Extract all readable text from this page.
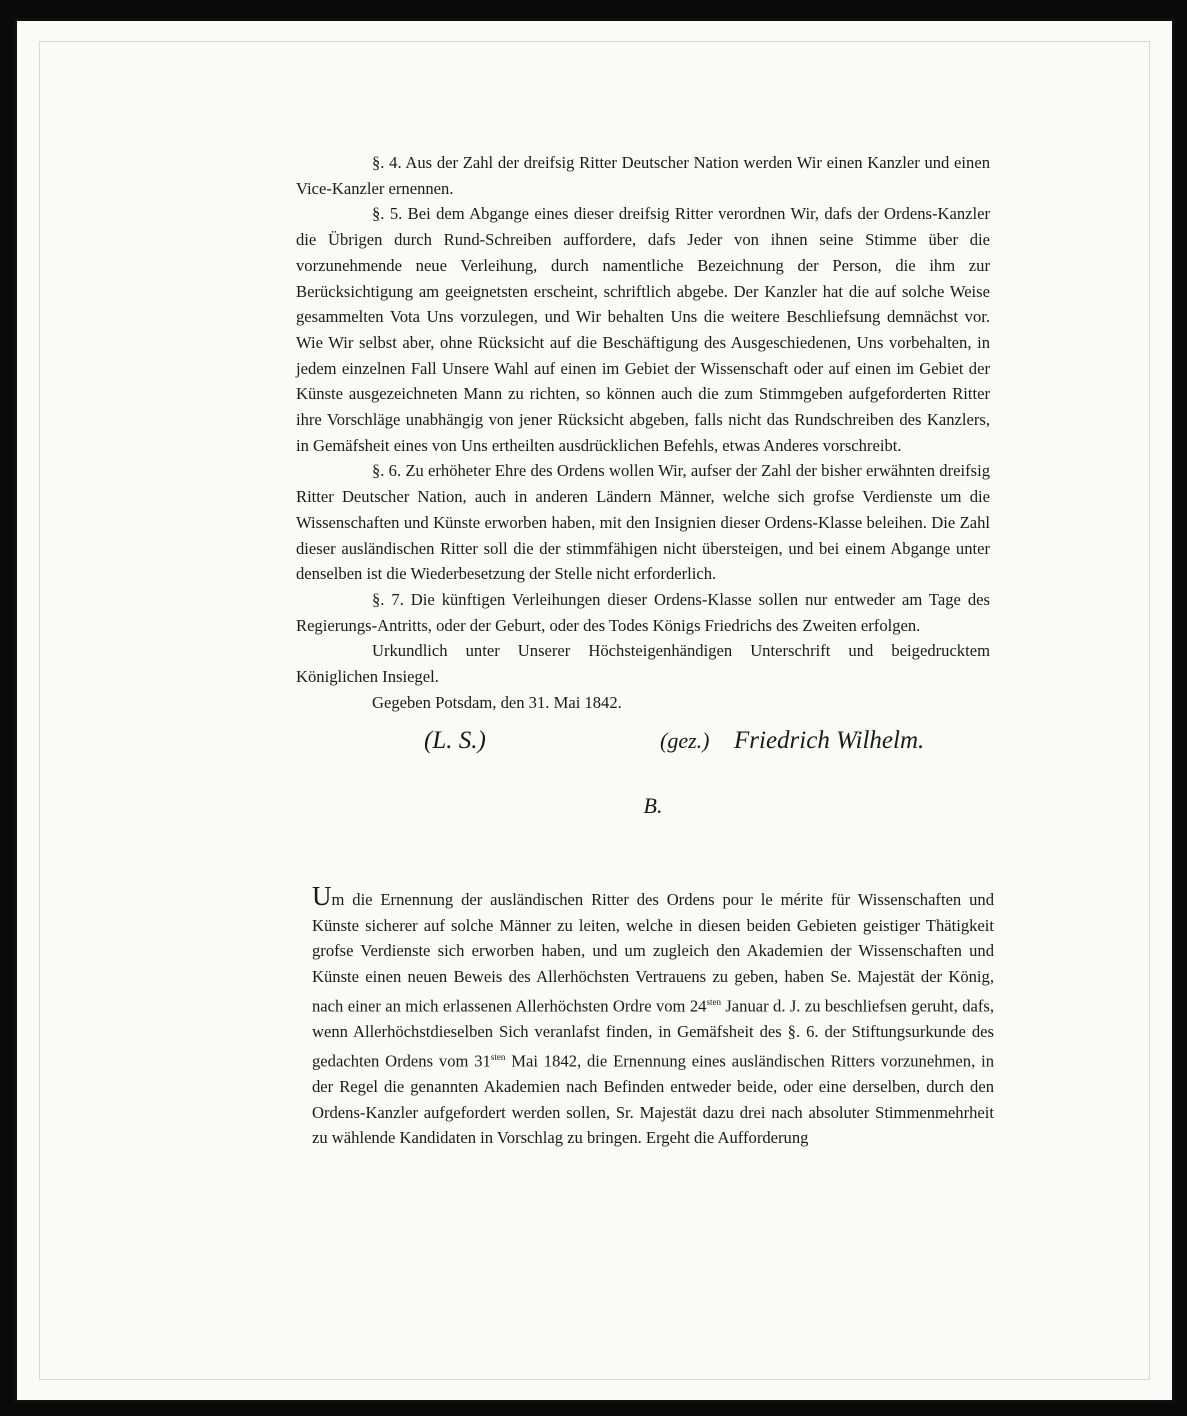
§. 4. Aus der Zahl der dreifsig Ritter Deutscher Nation werden Wir einen Kanzler und einen Vice-Kanzler ernennen.

§. 5. Bei dem Abgange eines dieser dreifsig Ritter verordnen Wir, dafs der Ordens-Kanzler die Übrigen durch Rund-Schreiben auffordere, dafs Jeder von ihnen seine Stimme über die vorzunehmende neue Verleihung, durch namentliche Bezeichnung der Person, die ihm zur Berücksichtigung am geeignetsten erscheint, schriftlich abgebe. Der Kanzler hat die auf solche Weise gesammelten Vota Uns vorzulegen, und Wir behalten Uns die weitere Beschliefsung demnächst vor. Wie Wir selbst aber, ohne Rücksicht auf die Beschäftigung des Ausgeschiedenen, Uns vorbehalten, in jedem einzelnen Fall Unsere Wahl auf einen im Gebiet der Wissenschaft oder auf einen im Gebiet der Künste ausgezeichneten Mann zu richten, so können auch die zum Stimmgeben aufgeforderten Ritter ihre Vorschläge unabhängig von jener Rücksicht abgeben, falls nicht das Rundschreiben des Kanzlers, in Gemäfsheit eines von Uns ertheilten ausdrücklichen Befehls, etwas Anderes vorschreibt.

§. 6. Zu erhöheter Ehre des Ordens wollen Wir, aufser der Zahl der bisher erwähnten dreifsig Ritter Deutscher Nation, auch in anderen Ländern Männer, welche sich grofse Verdienste um die Wissenschaften und Künste erworben haben, mit den Insignien dieser Ordens-Klasse beleihen. Die Zahl dieser ausländischen Ritter soll die der stimmfähigen nicht übersteigen, und bei einem Abgange unter denselben ist die Wiederbesetzung der Stelle nicht erforderlich.

§. 7. Die künftigen Verleihungen dieser Ordens-Klasse sollen nur entweder am Tage des Regierungs-Antritts, oder der Geburt, oder des Todes Königs Friedrichs des Zweiten erfolgen.

Urkundlich unter Unserer Höchsteigenhändigen Unterschrift und beigedrucktem Königlichen Insiegel.

Gegeben Potsdam, den 31. Mai 1842.

(L. S.)	(gez.) Friedrich Wilhelm.
B.

Um die Ernennung der ausländischen Ritter des Ordens pour le mérite für Wissenschaften und Künste sicherer auf solche Männer zu leiten, welche in diesen beiden Gebieten geistiger Thätigkeit grofse Verdienste sich erworben haben, und um zugleich den Akademien der Wissenschaften und Künste einen neuen Beweis des Allerhöchsten Vertrauens zu geben, haben Se. Majestät der König, nach einer an mich erlassenen Allerhöchsten Ordre vom $24^{sten}$ Januar d. J. zu beschliefsen geruht, dafs, wenn Allerhöchstdieselben Sich veranlafst finden, in Gemäfsheit des §. 6. der Stiftungsurkunde des gedachten Ordens vom $31^{sten}$ Mai 1842, die Ernennung eines ausländischen Ritters vorzunehmen, in der Regel die genannten Akademien nach Befinden entweder beide, oder eine derselben, durch den Ordens-Kanzler aufgefordert werden sollen, Sr. Majestät dazu drei nach absoluter Stimmenmehrheit zu wählende Kandidaten in Vorschlag zu bringen. Ergeht die Aufforderung
